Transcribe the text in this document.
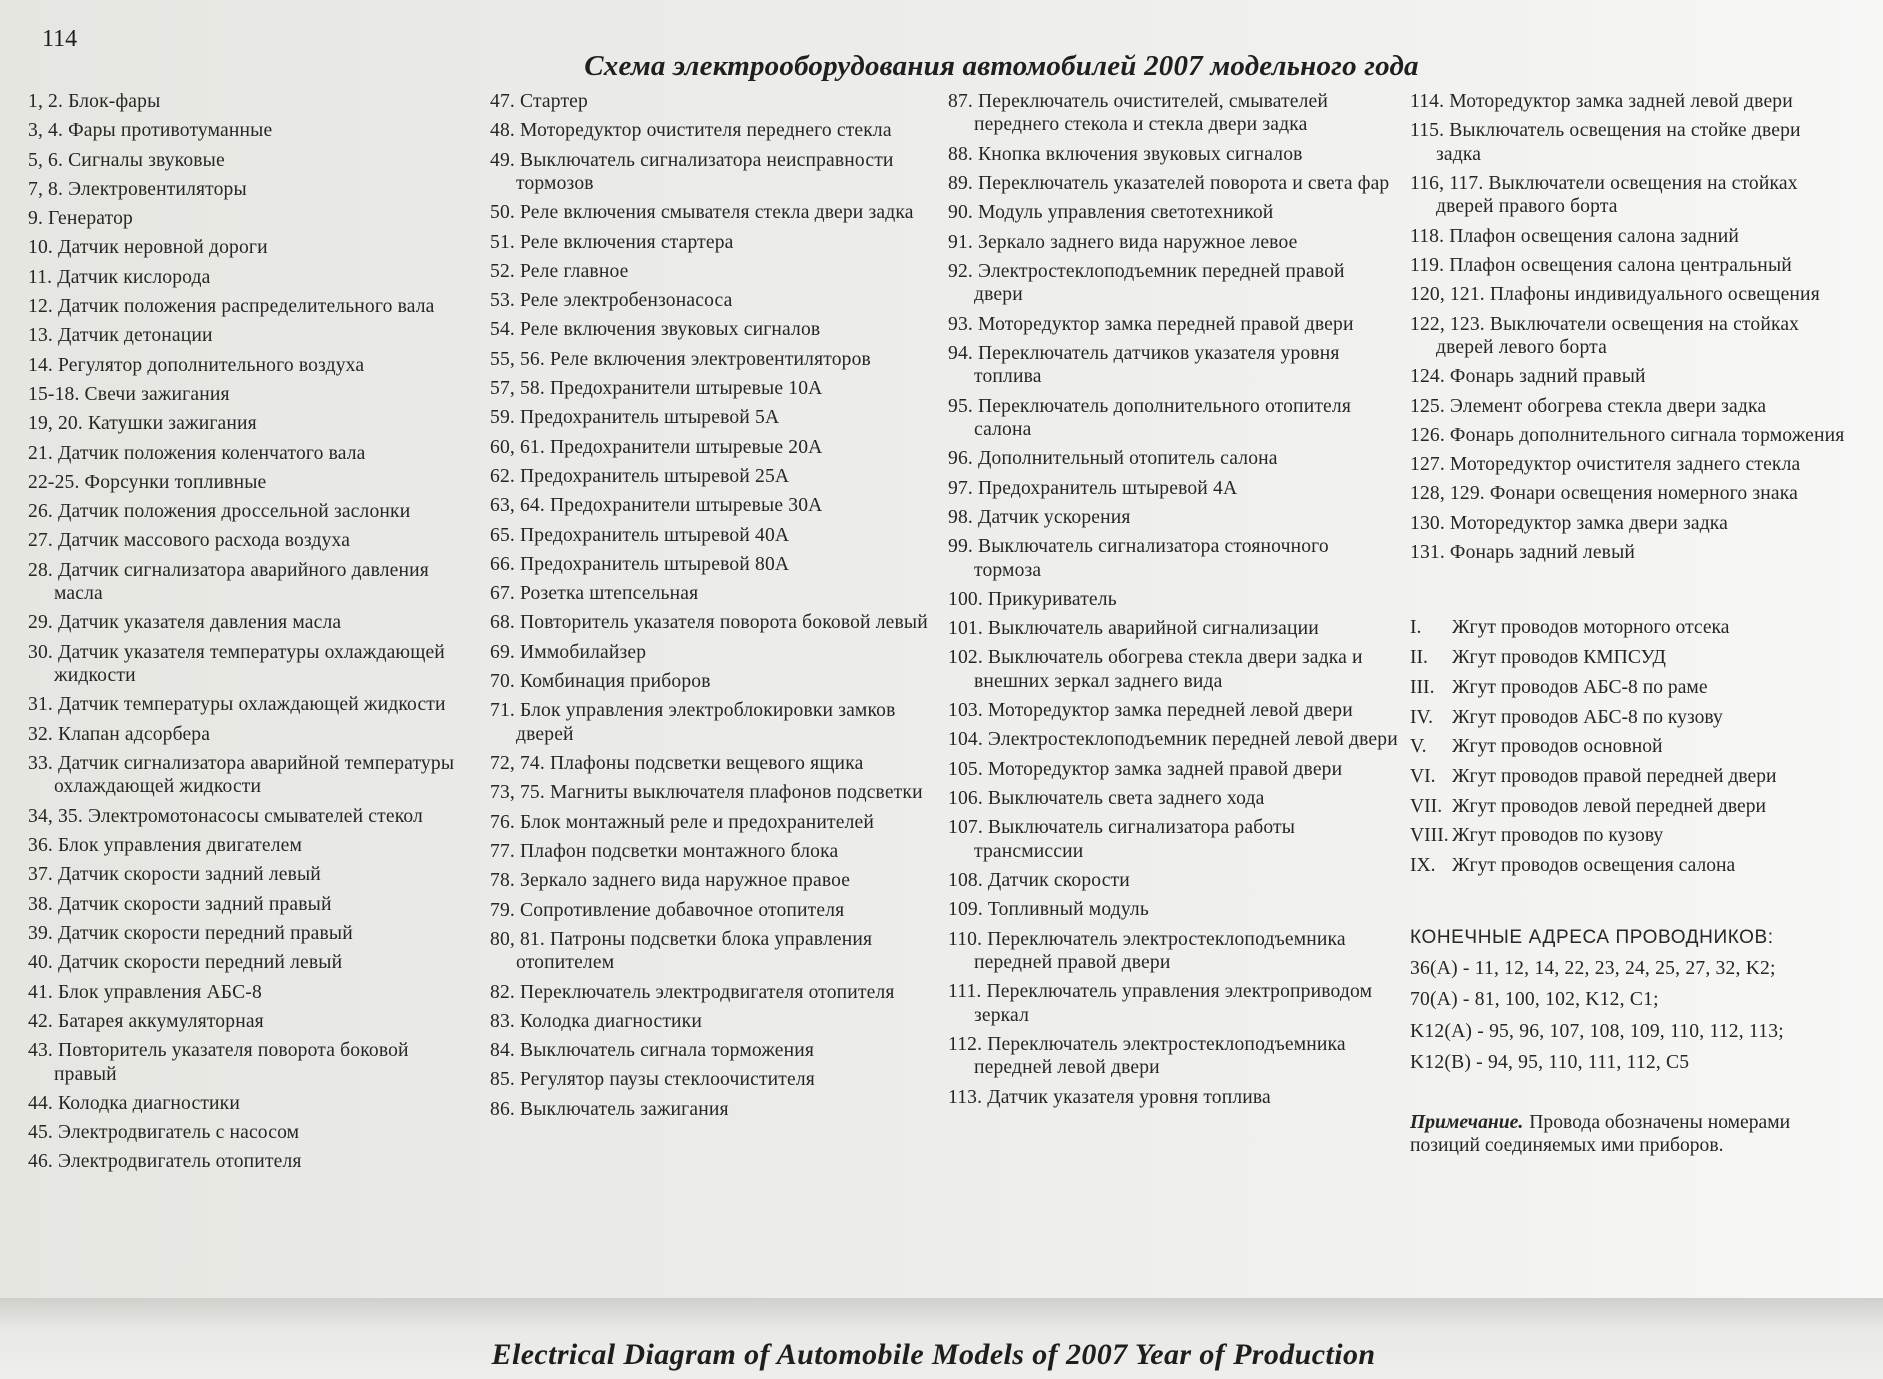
114
Схема электрооборудования автомобилей 2007 модельного года
1, 2. Блок-фары
3, 4. Фары противотуманные
5, 6. Сигналы звуковые
7, 8. Электровентиляторы
9. Генератор
10. Датчик неровной дороги
11. Датчик кислорода
12. Датчик положения распределительного вала
13. Датчик детонации
14. Регулятор дополнительного воздуха
15-18. Свечи зажигания
19, 20. Катушки зажигания
21. Датчик положения коленчатого вала
22-25. Форсунки топливные
26. Датчик положения дроссельной заслонки
27. Датчик массового расхода воздуха
28. Датчик сигнализатора аварийного давления масла
29. Датчик указателя давления масла
30. Датчик указателя температуры охлаждающей жидкости
31. Датчик температуры охлаждающей жидкости
32. Клапан адсорбера
33. Датчик сигнализатора аварийной температуры охлаждающей жидкости
34, 35. Электромотонасосы смывателей стекол
36. Блок управления двигателем
37. Датчик скорости задний левый
38. Датчик скорости задний правый
39. Датчик скорости передний правый
40. Датчик скорости передний левый
41. Блок управления АБС-8
42. Батарея аккумуляторная
43. Повторитель указателя поворота боковой правый
44. Колодка диагностики
45. Электродвигатель с насосом
46. Электродвигатель отопителя
47. Стартер
48. Моторедуктор очистителя переднего стекла
49. Выключатель сигнализатора неисправности тормозов
50. Реле включения смывателя стекла двери задка
51. Реле включения стартера
52. Реле главное
53. Реле электробензонасоса
54. Реле включения звуковых сигналов
55, 56. Реле включения электровентиляторов
57, 58. Предохранители штыревые 10А
59. Предохранитель штыревой 5А
60, 61. Предохранители штыревые 20А
62. Предохранитель штыревой 25А
63, 64. Предохранители штыревые 30А
65. Предохранитель штыревой 40А
66. Предохранитель штыревой 80А
67. Розетка штепсельная
68. Повторитель указателя поворота боковой левый
69. Иммобилайзер
70. Комбинация приборов
71. Блок управления электроблокировки замков дверей
72, 74. Плафоны подсветки вещевого ящика
73, 75. Магниты выключателя плафонов подсветки
76. Блок монтажный реле и предохранителей
77. Плафон подсветки монтажного блока
78. Зеркало заднего вида наружное правое
79. Сопротивление добавочное отопителя
80, 81. Патроны подсветки блока управления отопителем
82. Переключатель электродвигателя отопителя
83. Колодка диагностики
84. Выключатель сигнала торможения
85. Регулятор паузы стеклоочистителя
86. Выключатель зажигания
87. Переключатель очистителей, смывателей переднего стекола и стекла двери задка
88. Кнопка включения звуковых сигналов
89. Переключатель указателей поворота и света фар
90. Модуль управления светотехникой
91. Зеркало заднего вида наружное левое
92. Электростеклоподъемник передней правой двери
93. Моторедуктор замка передней правой двери
94. Переключатель датчиков указателя уровня топлива
95. Переключатель дополнительного отопителя салона
96. Дополнительный отопитель салона
97. Предохранитель штыревой 4А
98. Датчик ускорения
99. Выключатель сигнализатора стояночного тормоза
100. Прикуриватель
101. Выключатель аварийной сигнализации
102. Выключатель обогрева стекла двери задка и внешних зеркал заднего вида
103. Моторедуктор замка передней левой двери
104. Электростеклоподъемник передней левой двери
105. Моторедуктор замка задней правой двери
106. Выключатель света заднего хода
107. Выключатель сигнализатора работы трансмиссии
108. Датчик скорости
109. Топливный модуль
110. Переключатель электростеклоподъемника передней правой двери
111. Переключатель управления электроприводом зеркал
112. Переключатель электростеклоподъемника передней левой двери
113. Датчик указателя уровня топлива
114. Моторедуктор замка задней левой двери
115. Выключатель освещения на стойке двери задка
116, 117. Выключатели освещения на стойках дверей правого борта
118. Плафон освещения салона задний
119. Плафон освещения салона центральный
120, 121. Плафоны индивидуального освещения
122, 123. Выключатели освещения на стойках дверей левого борта
124. Фонарь задний правый
125. Элемент обогрева стекла двери задка
126. Фонарь дополнительного сигнала торможения
127. Моторедуктор очистителя заднего стекла
128, 129. Фонари освещения номерного знака
130. Моторедуктор замка двери задка
131. Фонарь задний левый
I.	Жгут проводов моторного отсека
II.	Жгут проводов КМПСУД
III. Жгут проводов АБС-8 по раме
IV. Жгут проводов АБС-8 по кузову
V.	Жгут проводов основной
VI. Жгут проводов правой передней двери
VII. Жгут проводов левой передней двери
VIII. Жгут проводов по кузову
IX. Жгут проводов освещения салона
КОНЕЧНЫЕ АДРЕСА ПРОВОДНИКОВ:
36(A) - 11, 12, 14, 22, 23, 24, 25, 27, 32, K2;
70(A) - 81, 100, 102, K12, C1;
K12(A) - 95, 96, 107, 108, 109, 110, 112, 113;
K12(B) - 94, 95, 110, 111, 112, C5
Примечание. Провода обозначены номерами позиций соединяемых ими приборов.
Electrical Diagram of Automobile Models of 2007 Year of Production
